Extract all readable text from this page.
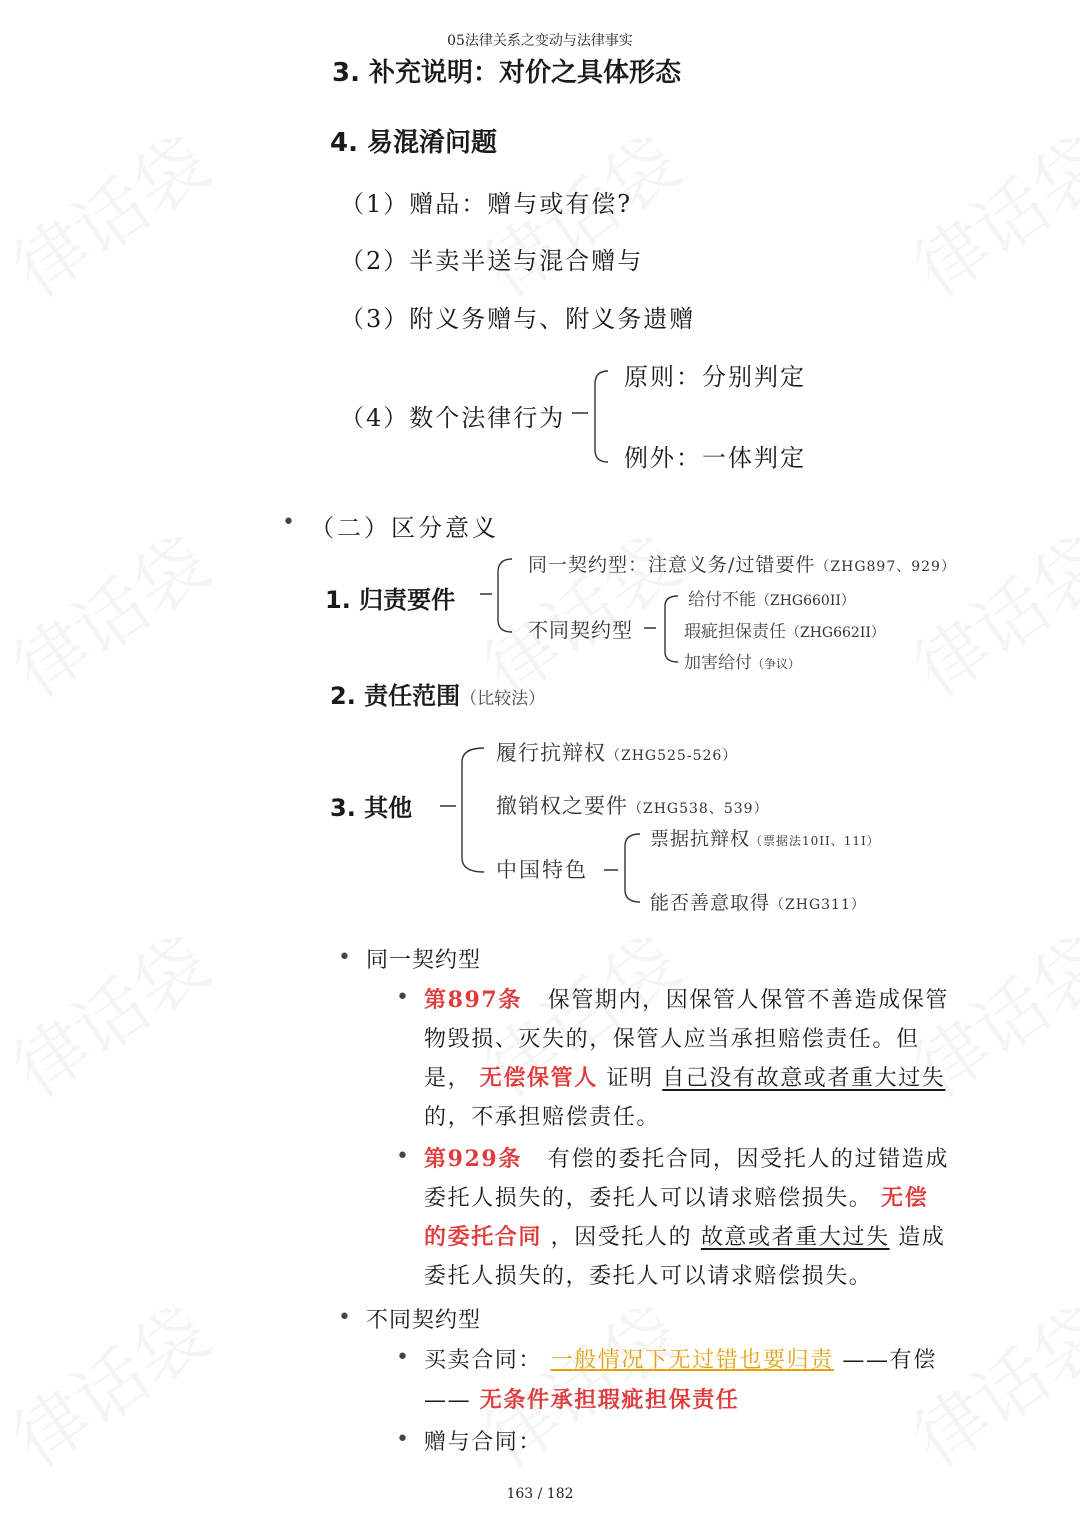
05法律关系之变动与法律事实
3. 补充说明：对价之具体形态
4. 易混淆问题
（1）赠品：赠与或有偿?
（2）半卖半送与混合赠与
（3）附义务赠与、附义务遗赠
（4）数个法律行为
原则：分别判定
例外：一体判定
• （二）区分意义
1. 归责要件
同一契约型：注意义务/过错要件（ZHG897、929）
不同契约型
给付不能（ZHG660II）
瑕疵担保责任（ZHG662II）
加害给付（争议）
2. 责任范围（比较法）
3. 其他
履行抗辩权（ZHG525-526）
撤销权之要件（ZHG538、539）
中国特色
票据抗辩权（票据法10II、11I）
能否善意取得（ZHG311）
• 同一契约型
• 第897条 保管期内，因保管人保管不善造成保管
物毁损、灭失的，保管人应当承担赔偿责任。但
是， 无偿保管人 证明 自己没有故意或者重大过失
的，不承担赔偿责任。
• 第929条 有偿的委托合同，因受托人的过错造成
委托人损失的，委托人可以请求赔偿损失。 无偿
的委托合同 ，因受托人的 故意或者重大过失 造成
委托人损失的，委托人可以请求赔偿损失。
• 不同契约型
• 买卖合同： 一般情况下无过错也要归责 ——有偿
—— 无条件承担瑕疵担保责任
• 赠与合同：
163 / 182
